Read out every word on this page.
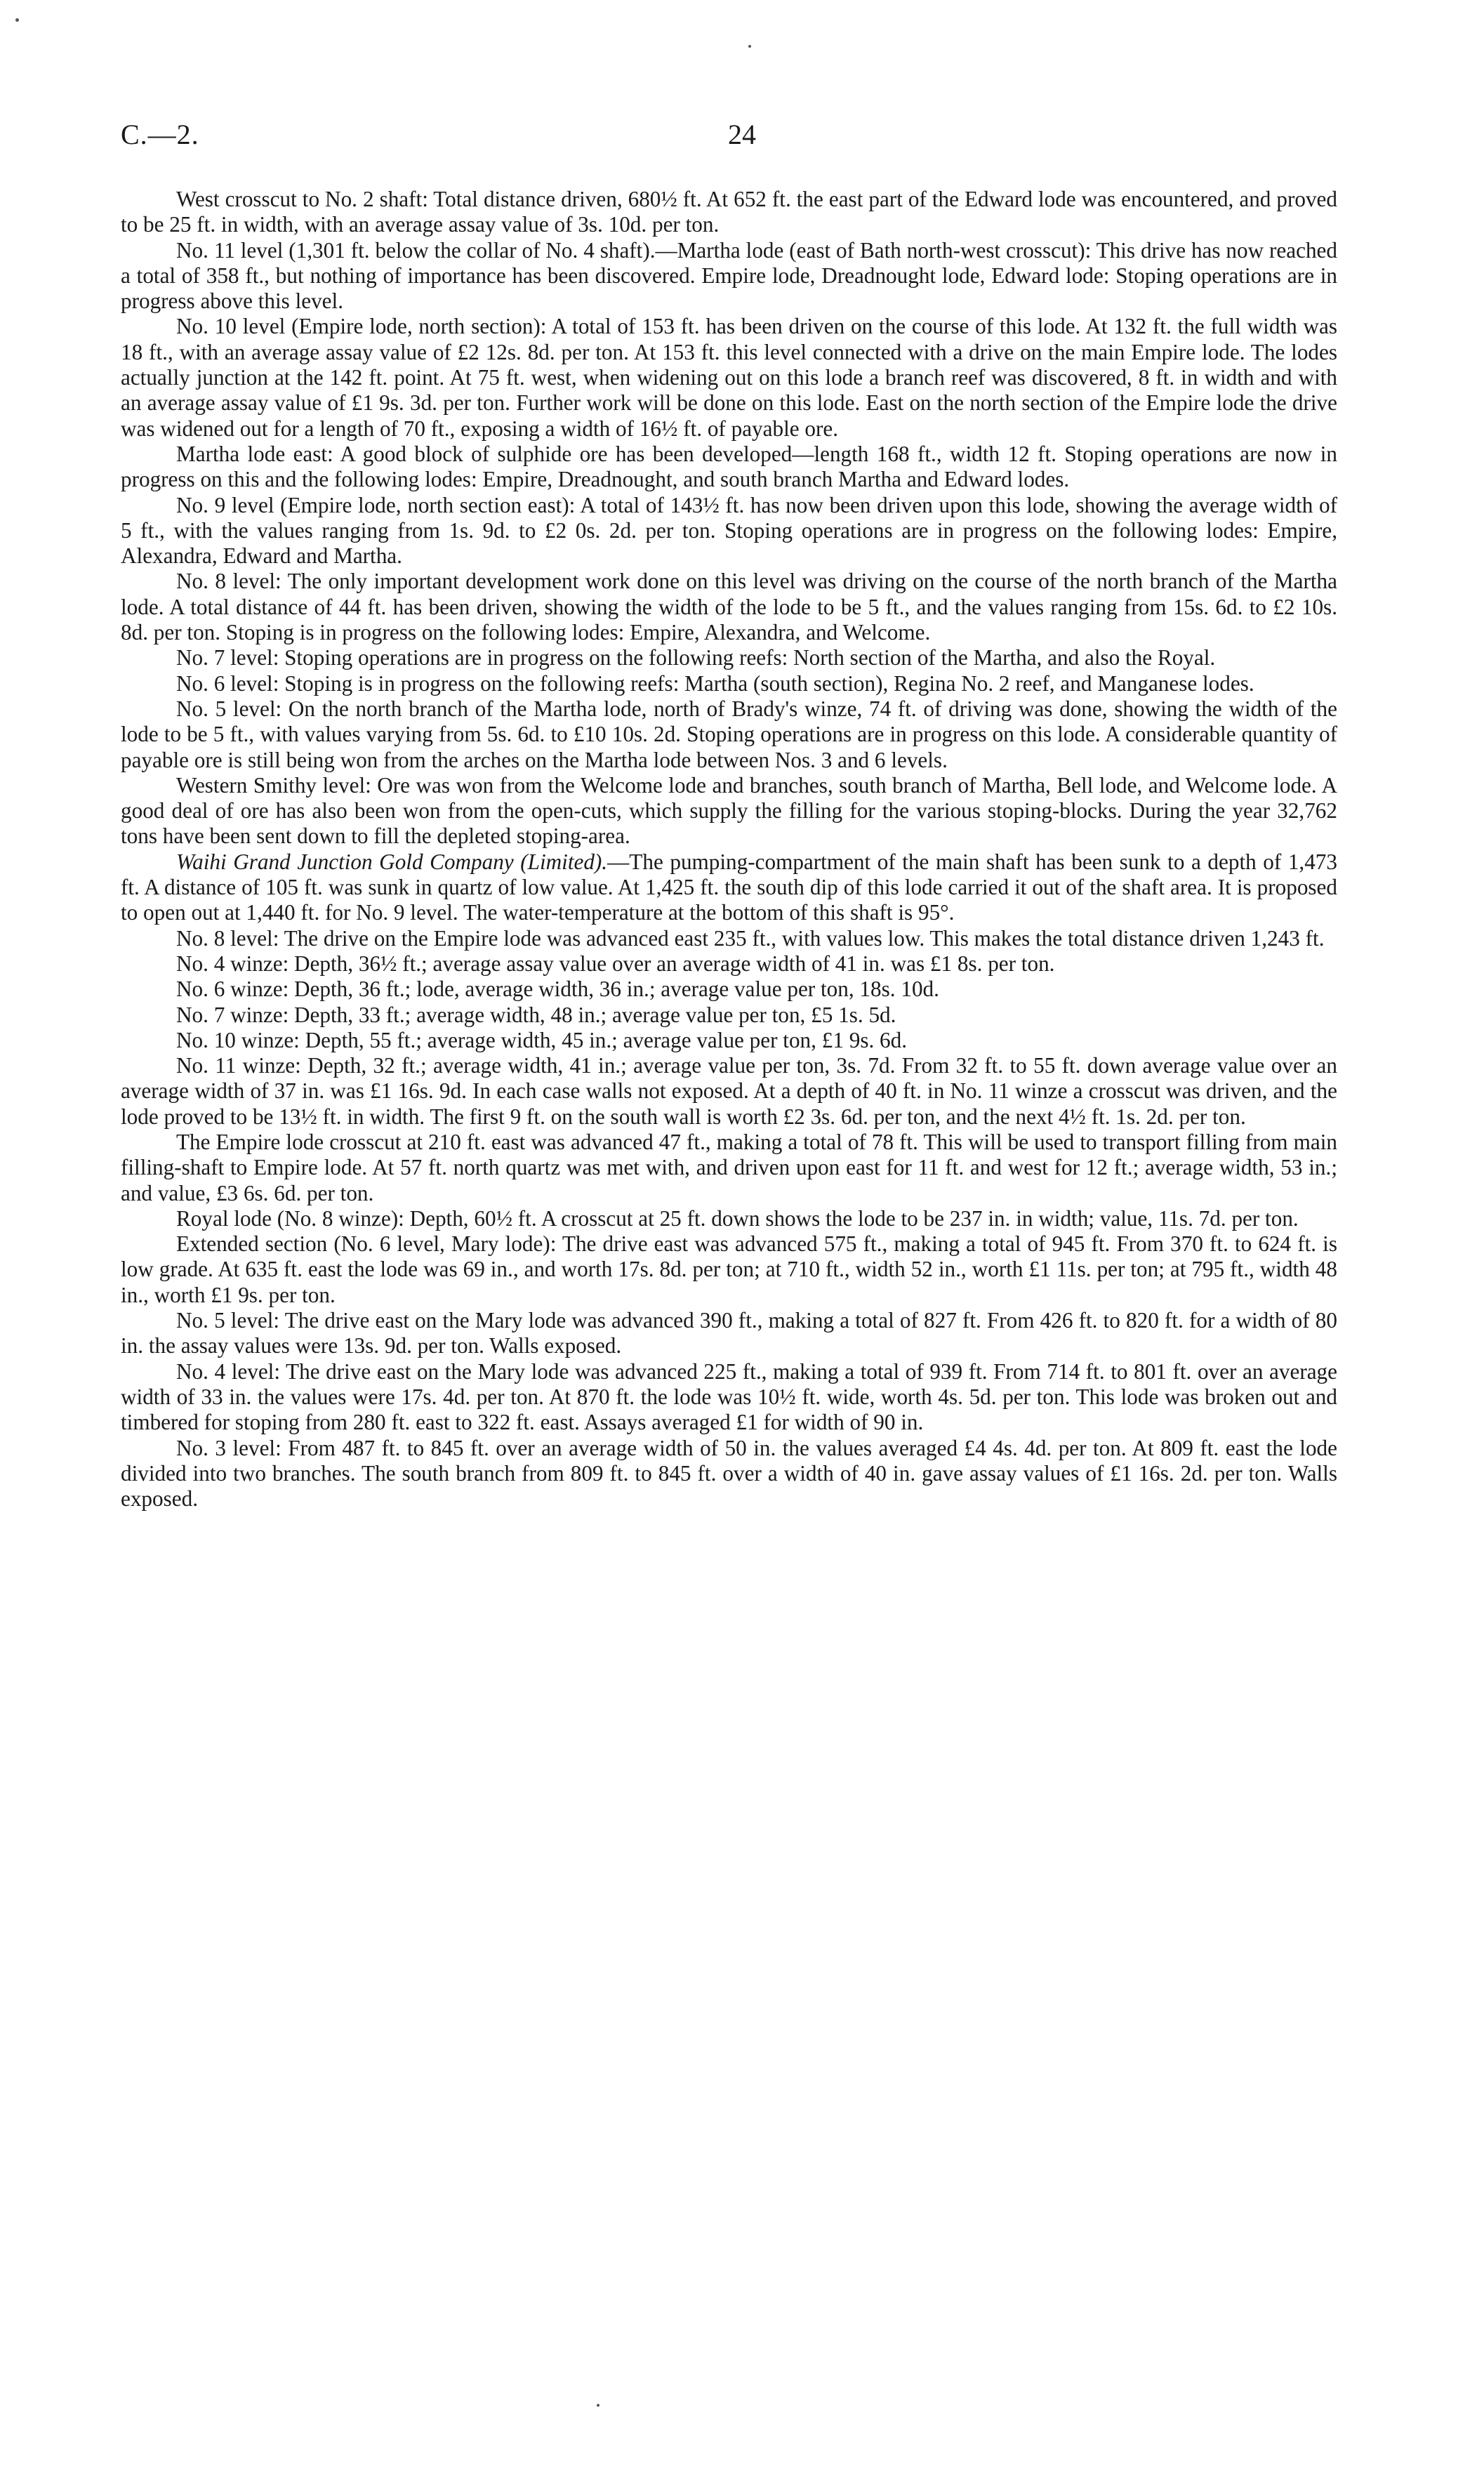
C.—2.	24

West crosscut to No. 2 shaft: Total distance driven, 680½ ft. At 652 ft. the east part of the Edward lode was encountered, and proved to be 25 ft. in width, with an average assay value of 3s. 10d. per ton.

No. 11 level (1,301 ft. below the collar of No. 4 shaft).—Martha lode (east of Bath north-west crosscut): This drive has now reached a total of 358 ft., but nothing of importance has been discovered. Empire lode, Dreadnought lode, Edward lode: Stoping operations are in progress above this level.

No. 10 level (Empire lode, north section): A total of 153 ft. has been driven on the course of this lode. At 132 ft. the full width was 18 ft., with an average assay value of £2 12s. 8d. per ton. At 153 ft. this level connected with a drive on the main Empire lode. The lodes actually junction at the 142 ft. point. At 75 ft. west, when widening out on this lode a branch reef was discovered, 8 ft. in width and with an average assay value of £1 9s. 3d. per ton. Further work will be done on this lode. East on the north section of the Empire lode the drive was widened out for a length of 70 ft., exposing a width of 16½ ft. of payable ore.

Martha lode east: A good block of sulphide ore has been developed—length 168 ft., width 12 ft. Stoping operations are now in progress on this and the following lodes: Empire, Dreadnought, and south branch Martha and Edward lodes.

No. 9 level (Empire lode, north section east): A total of 143½ ft. has now been driven upon this lode, showing the average width of 5 ft., with the values ranging from 1s. 9d. to £2 0s. 2d. per ton. Stoping operations are in progress on the following lodes: Empire, Alexandra, Edward and Martha.

No. 8 level: The only important development work done on this level was driving on the course of the north branch of the Martha lode. A total distance of 44 ft. has been driven, showing the width of the lode to be 5 ft., and the values ranging from 15s. 6d. to £2 10s. 8d. per ton. Stoping is in progress on the following lodes: Empire, Alexandra, and Welcome.

No. 7 level: Stoping operations are in progress on the following reefs: North section of the Martha, and also the Royal.

No. 6 level: Stoping is in progress on the following reefs: Martha (south section), Regina No. 2 reef, and Manganese lodes.

No. 5 level: On the north branch of the Martha lode, north of Brady's winze, 74 ft. of driving was done, showing the width of the lode to be 5 ft., with values varying from 5s. 6d. to £10 10s. 2d. Stoping operations are in progress on this lode. A considerable quantity of payable ore is still being won from the arches on the Martha lode between Nos. 3 and 6 levels.

Western Smithy level: Ore was won from the Welcome lode and branches, south branch of Martha, Bell lode, and Welcome lode. A good deal of ore has also been won from the open-cuts, which supply the filling for the various stoping-blocks. During the year 32,762 tons have been sent down to fill the depleted stoping-area.

Waihi Grand Junction Gold Company (Limited).—The pumping-compartment of the main shaft has been sunk to a depth of 1,473 ft. A distance of 105 ft. was sunk in quartz of low value. At 1,425 ft. the south dip of this lode carried it out of the shaft area. It is proposed to open out at 1,440 ft. for No. 9 level. The water-temperature at the bottom of this shaft is 95°.

No. 8 level: The drive on the Empire lode was advanced east 235 ft., with values low. This makes the total distance driven 1,243 ft.

No. 4 winze: Depth, 36½ ft.; average assay value over an average width of 41 in. was £1 8s. per ton.

No. 6 winze: Depth, 36 ft.; lode, average width, 36 in.; average value per ton, 18s. 10d.

No. 7 winze: Depth, 33 ft.; average width, 48 in.; average value per ton, £5 1s. 5d.

No. 10 winze: Depth, 55 ft.; average width, 45 in.; average value per ton, £1 9s. 6d.

No. 11 winze: Depth, 32 ft.; average width, 41 in.; average value per ton, 3s. 7d. From 32 ft. to 55 ft. down average value over an average width of 37 in. was £1 16s. 9d. In each case walls not exposed. At a depth of 40 ft. in No. 11 winze a crosscut was driven, and the lode proved to be 13½ ft. in width. The first 9 ft. on the south wall is worth £2 3s. 6d. per ton, and the next 4½ ft. 1s. 2d. per ton.

The Empire lode crosscut at 210 ft. east was advanced 47 ft., making a total of 78 ft. This will be used to transport filling from main filling-shaft to Empire lode. At 57 ft. north quartz was met with, and driven upon east for 11 ft. and west for 12 ft.; average width, 53 in.; and value, £3 6s. 6d. per ton.

Royal lode (No. 8 winze): Depth, 60½ ft. A crosscut at 25 ft. down shows the lode to be 237 in. in width; value, 11s. 7d. per ton.

Extended section (No. 6 level, Mary lode): The drive east was advanced 575 ft., making a total of 945 ft. From 370 ft. to 624 ft. is low grade. At 635 ft. east the lode was 69 in., and worth 17s. 8d. per ton; at 710 ft., width 52 in., worth £1 11s. per ton; at 795 ft., width 48 in., worth £1 9s. per ton.

No. 5 level: The drive east on the Mary lode was advanced 390 ft., making a total of 827 ft. From 426 ft. to 820 ft. for a width of 80 in. the assay values were 13s. 9d. per ton. Walls exposed.

No. 4 level: The drive east on the Mary lode was advanced 225 ft., making a total of 939 ft. From 714 ft. to 801 ft. over an average width of 33 in. the values were 17s. 4d. per ton. At 870 ft. the lode was 10½ ft. wide, worth 4s. 5d. per ton. This lode was broken out and timbered for stoping from 280 ft. east to 322 ft. east. Assays averaged £1 for width of 90 in.

No. 3 level: From 487 ft. to 845 ft. over an average width of 50 in. the values averaged £4 4s. 4d. per ton. At 809 ft. east the lode divided into two branches. The south branch from 809 ft. to 845 ft. over a width of 40 in. gave assay values of £1 16s. 2d. per ton. Walls exposed.
